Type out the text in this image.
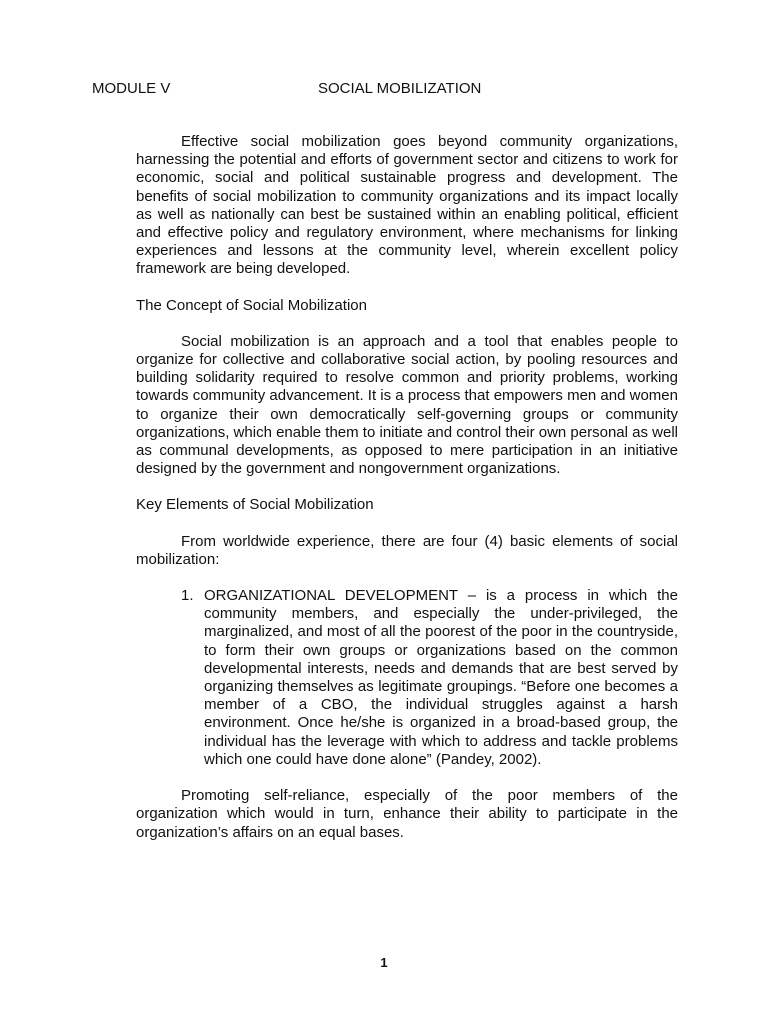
MODULE V	SOCIAL MOBILIZATION

Effective social mobilization goes beyond community organizations, harnessing the potential and efforts of government sector and citizens to work for economic, social and political sustainable progress and development. The benefits of social mobilization to community organizations and its impact locally as well as nationally can best be sustained within an enabling political, efficient and effective policy and regulatory environment, where mechanisms for linking experiences and lessons at the community level, wherein excellent policy framework are being developed.

The Concept of Social Mobilization

Social mobilization is an approach and a tool that enables people to organize for collective and collaborative social action, by pooling resources and building solidarity required to resolve common and priority problems, working towards community advancement. It is a process that empowers men and women to organize their own democratically self-governing groups or community organizations, which enable them to initiate and control their own personal as well as communal developments, as opposed to mere participation in an initiative designed by the government and nongovernment organizations.

Key Elements of Social Mobilization

From worldwide experience, there are four (4) basic elements of social mobilization:

1. ORGANIZATIONAL DEVELOPMENT – is a process in which the community members, and especially the under-privileged, the marginalized, and most of all the poorest of the poor in the countryside, to form their own groups or organizations based on the common developmental interests, needs and demands that are best served by organizing themselves as legitimate groupings. “Before one becomes a member of a CBO, the individual struggles against a harsh environment. Once he/she is organized in a broad-based group, the individual has the leverage with which to address and tackle problems which one could have done alone” (Pandey, 2002).

Promoting self-reliance, especially of the poor members of the organization which would in turn, enhance their ability to participate in the organization’s affairs on an equal bases.

1
